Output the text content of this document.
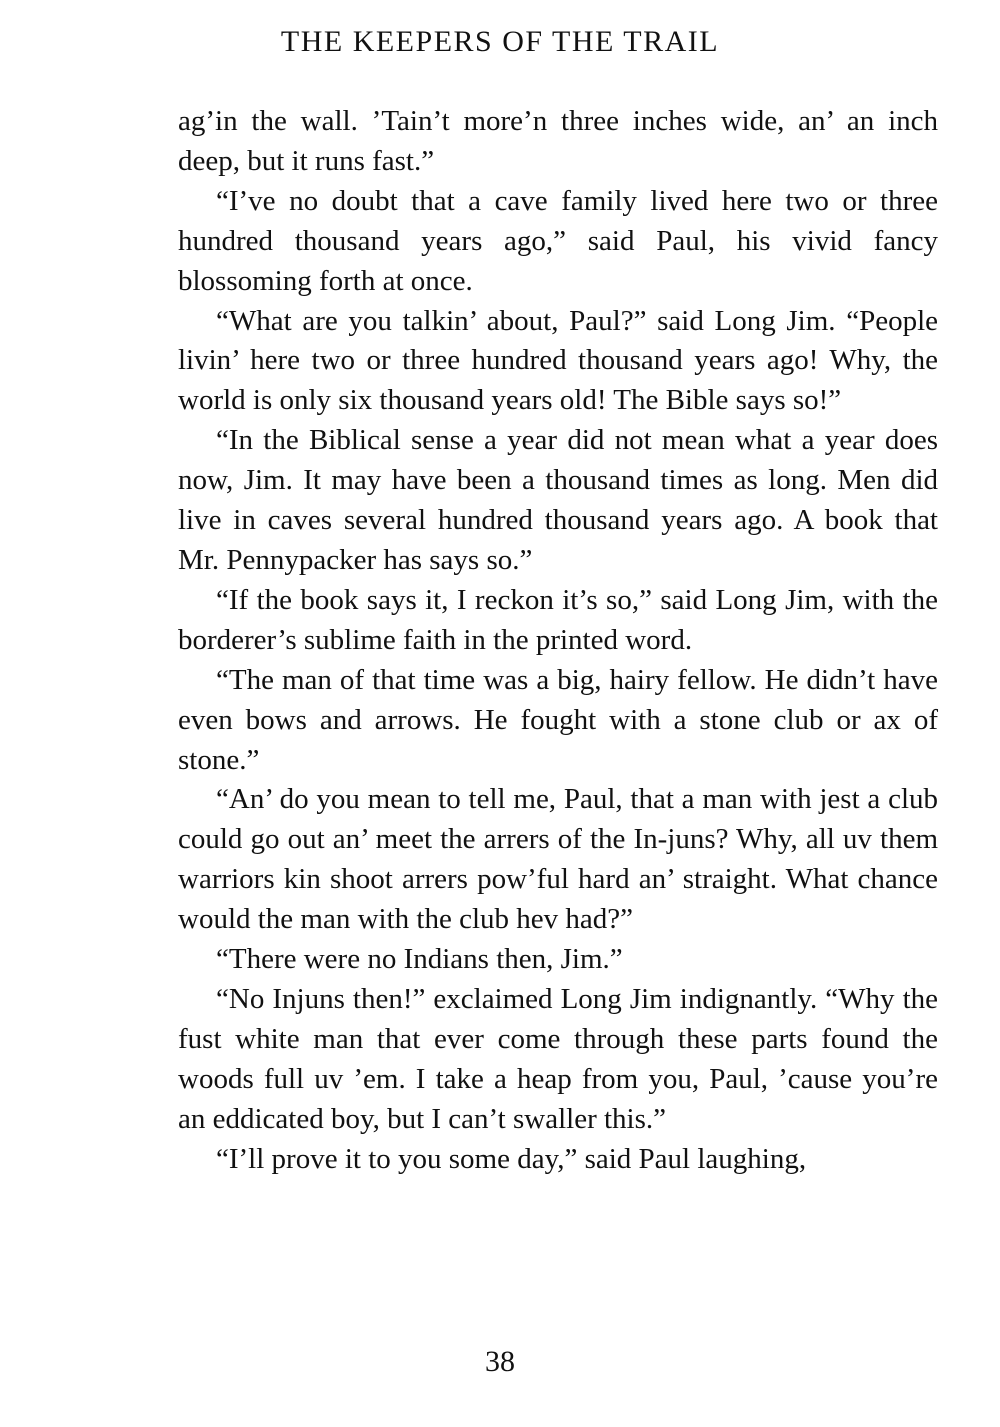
THE KEEPERS OF THE TRAIL

ag’in the wall. ’Tain’t more’n three inches wide, an’ an inch deep, but it runs fast.”

“I’ve no doubt that a cave family lived here two or three hundred thousand years ago,” said Paul, his vivid fancy blossoming forth at once.

“What are you talkin’ about, Paul?” said Long Jim. “People livin’ here two or three hundred thousand years ago! Why, the world is only six thousand years old! The Bible says so!”

“In the Biblical sense a year did not mean what a year does now, Jim. It may have been a thousand times as long. Men did live in caves several hundred thousand years ago. A book that Mr. Pennypacker has says so.”

“If the book says it, I reckon it’s so,” said Long Jim, with the borderer’s sublime faith in the printed word.

“The man of that time was a big, hairy fellow. He didn’t have even bows and arrows. He fought with a stone club or ax of stone.”

“An’ do you mean to tell me, Paul, that a man with jest a club could go out an’ meet the arrers of the In-juns? Why, all uv them warriors kin shoot arrers pow’ful hard an’ straight. What chance would the man with the club hev had?”

“There were no Indians then, Jim.”

“No Injuns then!” exclaimed Long Jim indignantly. “Why the fust white man that ever come through these parts found the woods full uv ’em. I take a heap from you, Paul, ’cause you’re an eddicated boy, but I can’t swaller this.”

“I’ll prove it to you some day,” said Paul laughing,

38
